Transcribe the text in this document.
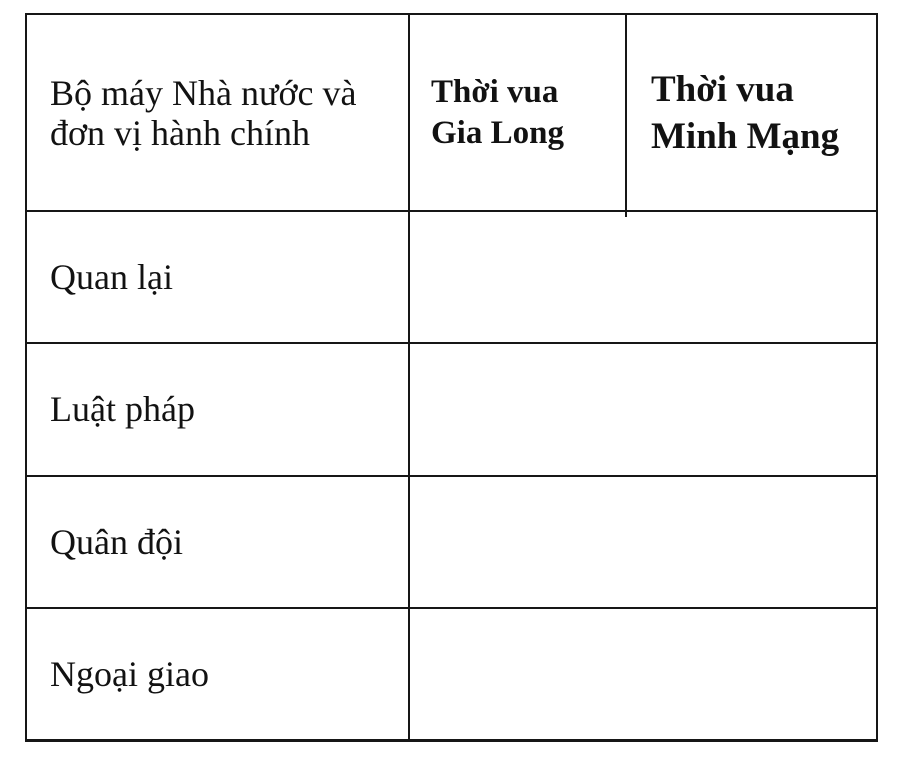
Bộ máy Nhà nước và
đơn vị hành chính
Thời vua
Gia Long
Thời vua
Minh Mạng
Quan lại
Luật pháp
Quân đội
Ngoại giao
